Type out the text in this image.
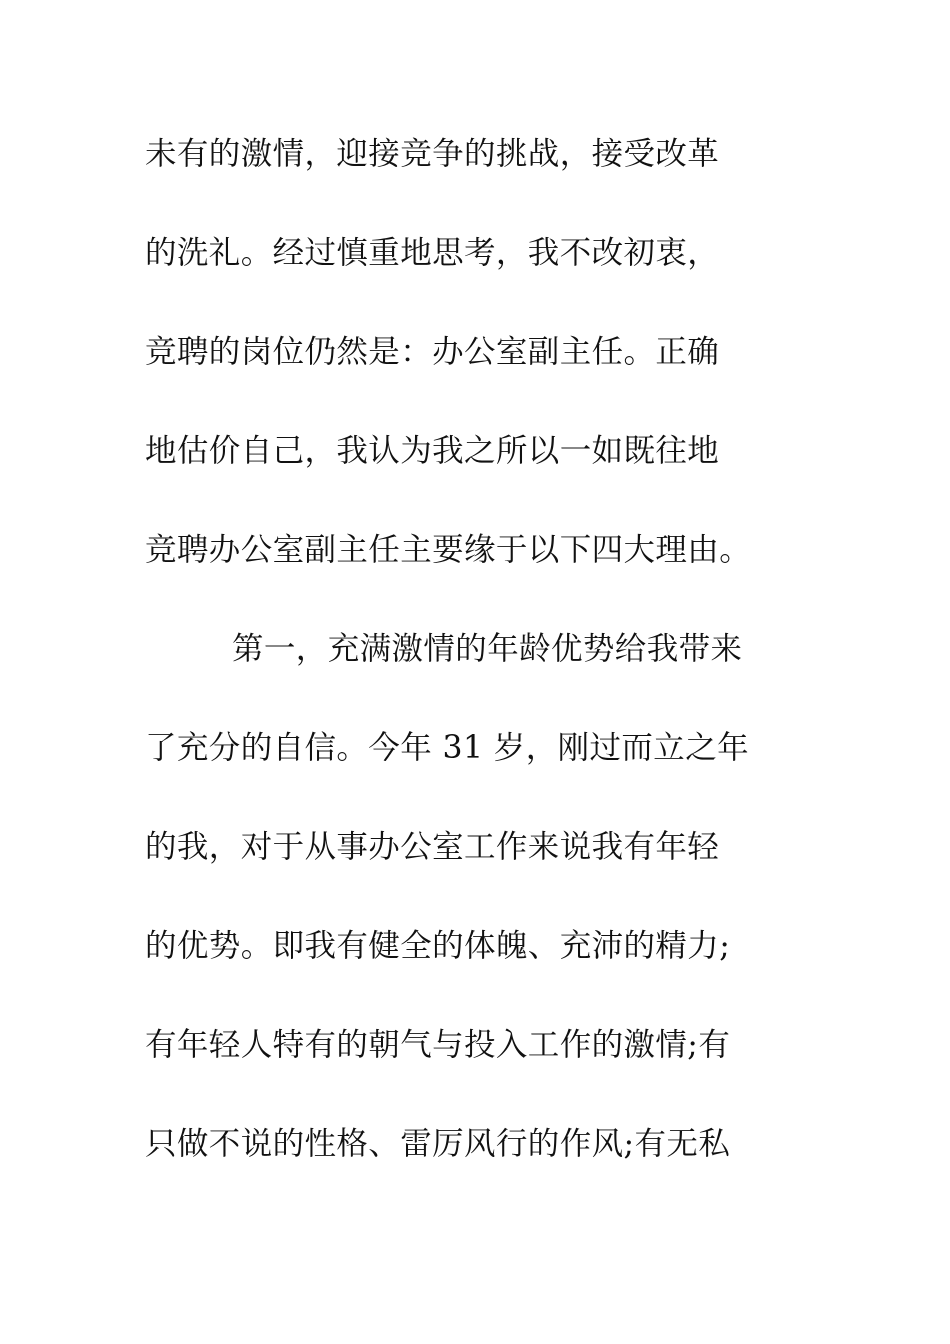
未有的激情，迎接竞争的挑战，接受改革
的洗礼。经过慎重地思考，我不改初衷，
竞聘的岗位仍然是：办公室副主任。正确
地估价自己，我认为我之所以一如既往地
竞聘办公室副主任主要缘于以下四大理由。
第一，充满激情的年龄优势给我带来
了充分的自信。今年 31 岁，刚过而立之年
的我，对于从事办公室工作来说我有年轻
的优势。即我有健全的体魄、充沛的精力;
有年轻人特有的朝气与投入工作的激情;有
只做不说的性格、雷厉风行的作风;有无私
